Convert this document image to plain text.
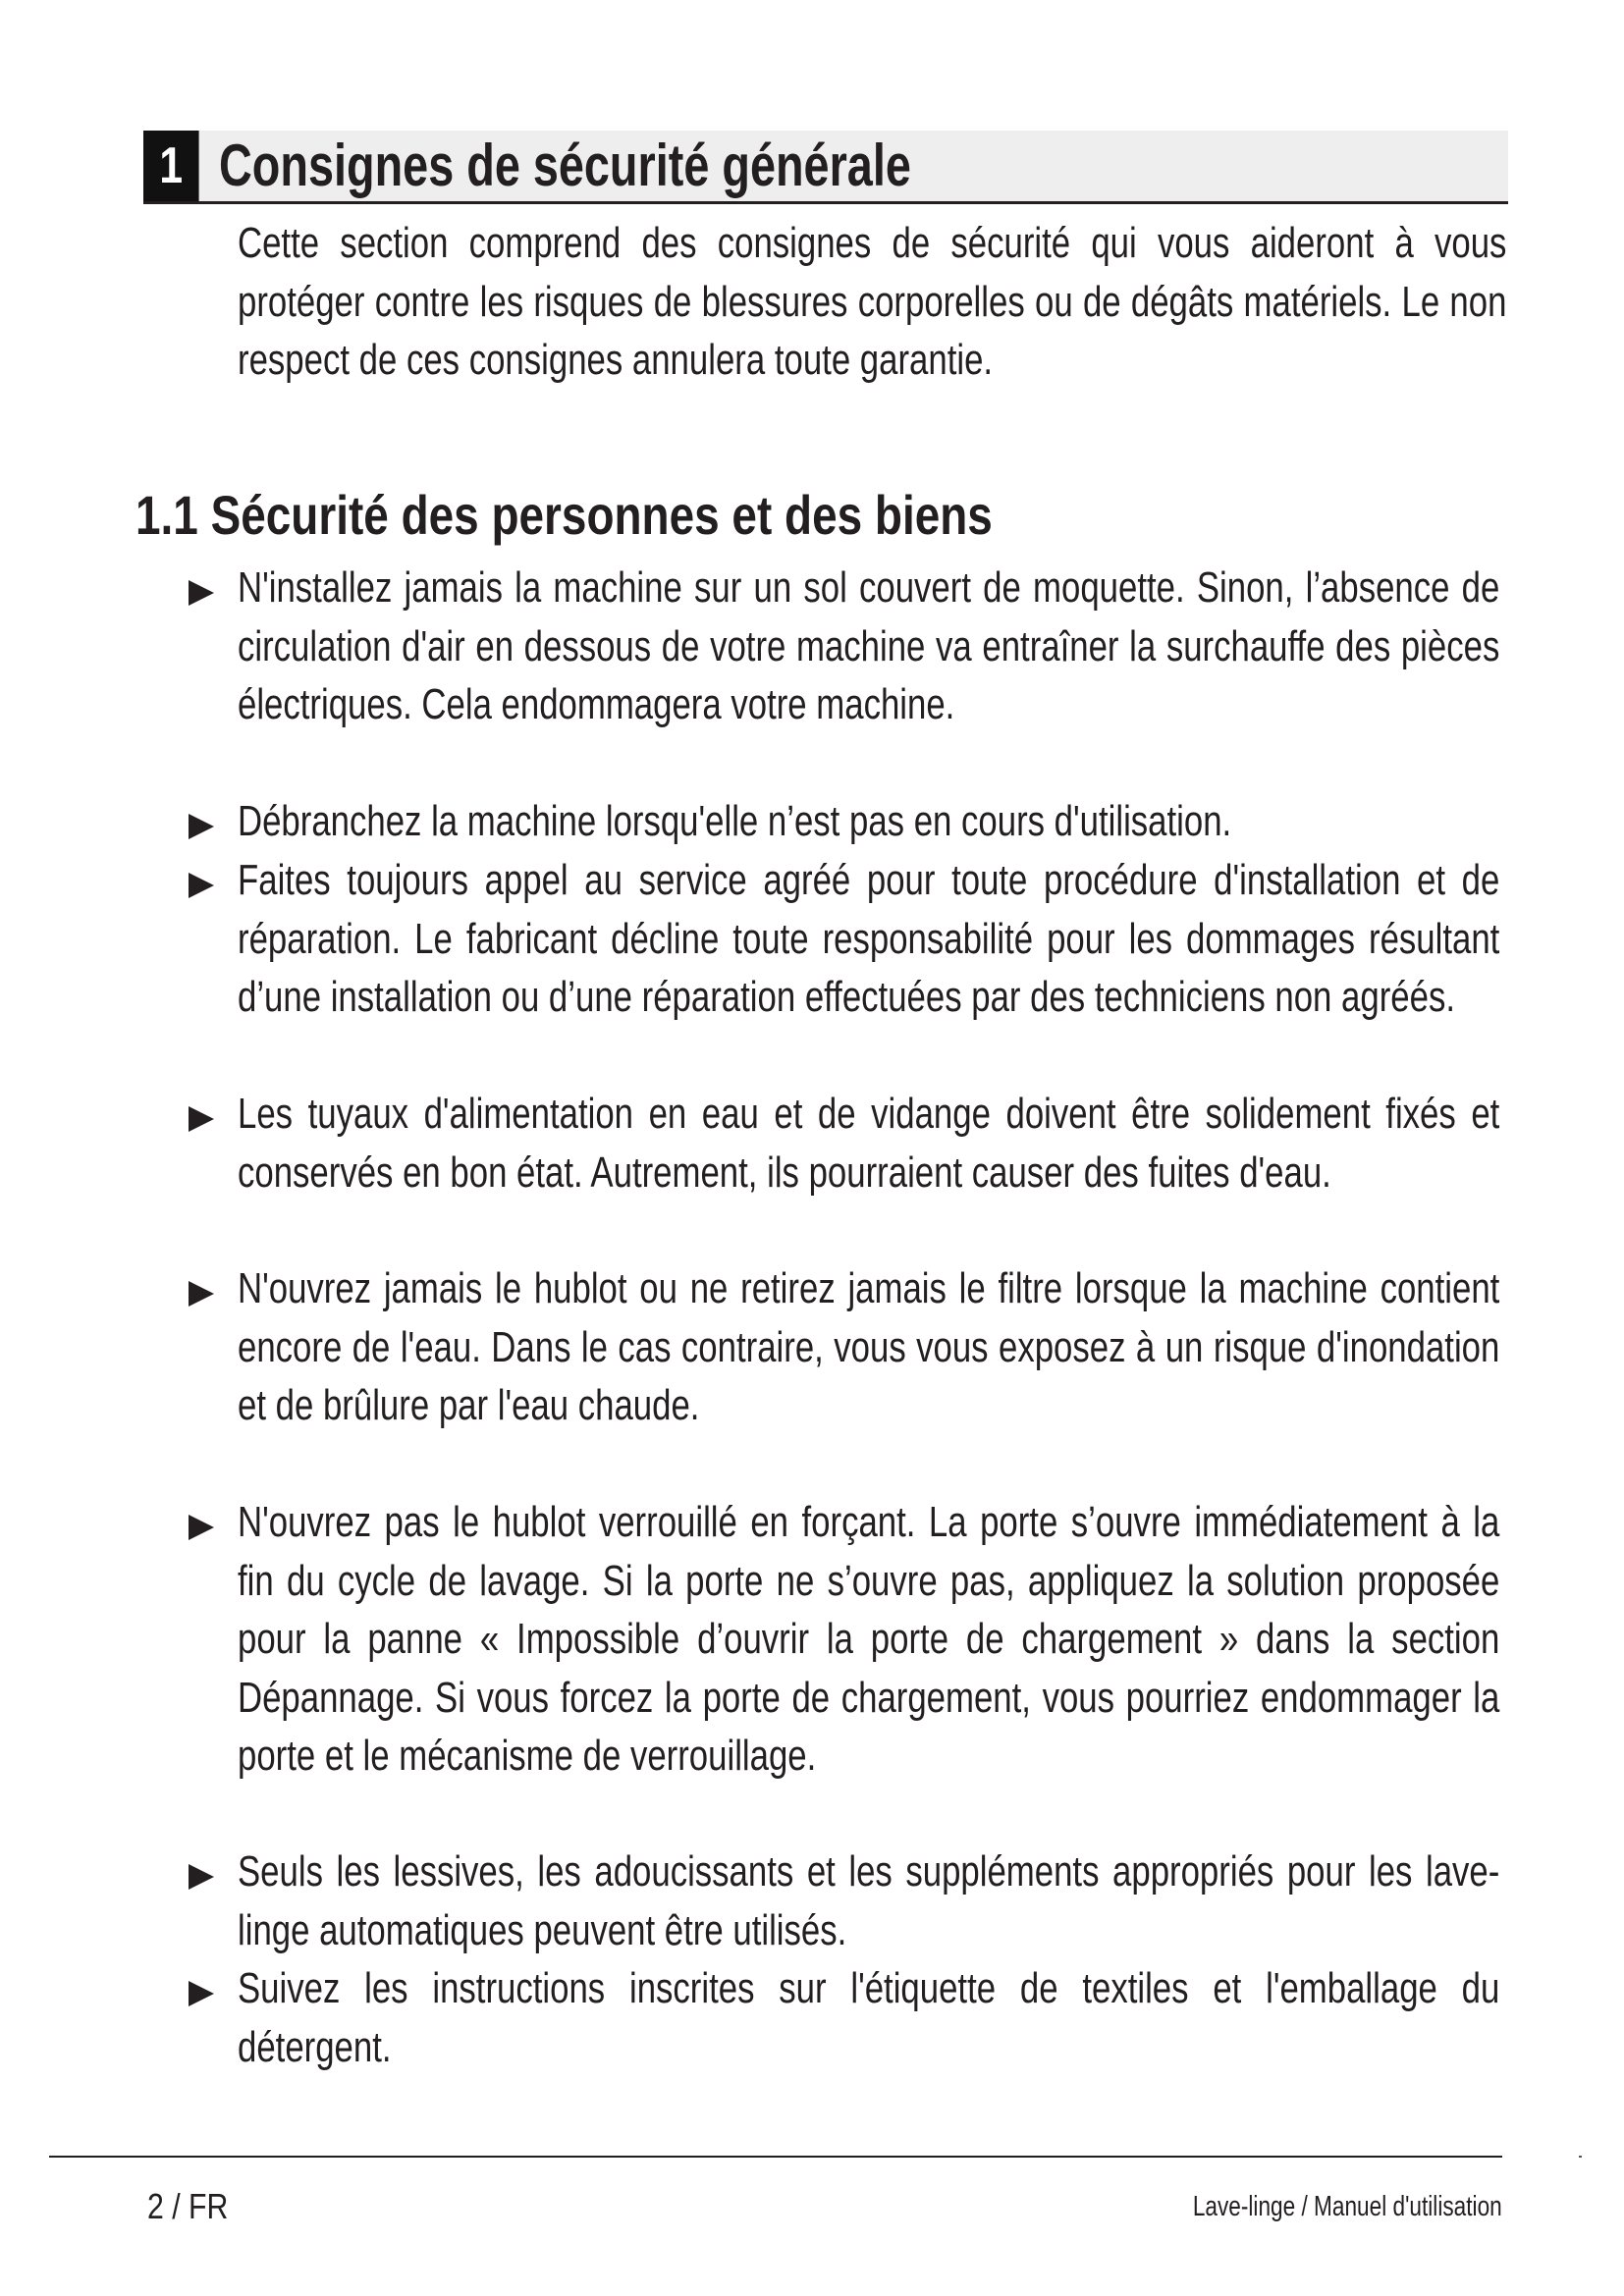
1 Consignes de sécurité générale
Cette section comprend des consignes de sécurité qui vous aideront à vous protéger contre les risques de blessures corporelles ou de dégâts matériels. Le non respect de ces consignes annulera toute garantie.
1.1 Sécurité des personnes et des biens
N'installez jamais la machine sur un sol couvert de moquette. Sinon, l’absence de circulation d'air en dessous de votre machine va entraîner la surchauffe des pièces électriques. Cela endommagera votre machine.
Débranchez la machine lorsqu'elle n’est pas en cours d'utilisation.
Faites toujours appel au service agréé pour toute procédure d'installation et de réparation. Le fabricant décline toute responsabilité pour les dommages résultant d’une installation ou d’une réparation effectuées par des techniciens non agréés.
Les tuyaux d'alimentation en eau et de vidange doivent être solidement fixés et conservés en bon état. Autrement, ils pourraient causer des fuites d'eau.
N'ouvrez jamais le hublot ou ne retirez jamais le filtre lorsque la machine contient encore de l'eau. Dans le cas contraire, vous vous exposez à un risque d'inondation et de brûlure par l'eau chaude.
N'ouvrez pas le hublot verrouillé en forçant. La porte s’ouvre immédiatement à la fin du cycle de lavage. Si la porte ne s’ouvre pas, appliquez la solution proposée pour la panne « Impossible d’ouvrir la porte de chargement » dans la section Dépannage. Si vous forcez la porte de chargement, vous pourriez endommager la porte et le mécanisme de verrouillage.
Seuls les lessives, les adoucissants et les suppléments appropriés pour les lave-linge automatiques peuvent être utilisés.
Suivez les instructions inscrites sur l'étiquette de textiles et l'emballage du détergent.
2 / FR	Lave-linge / Manuel d'utilisation
